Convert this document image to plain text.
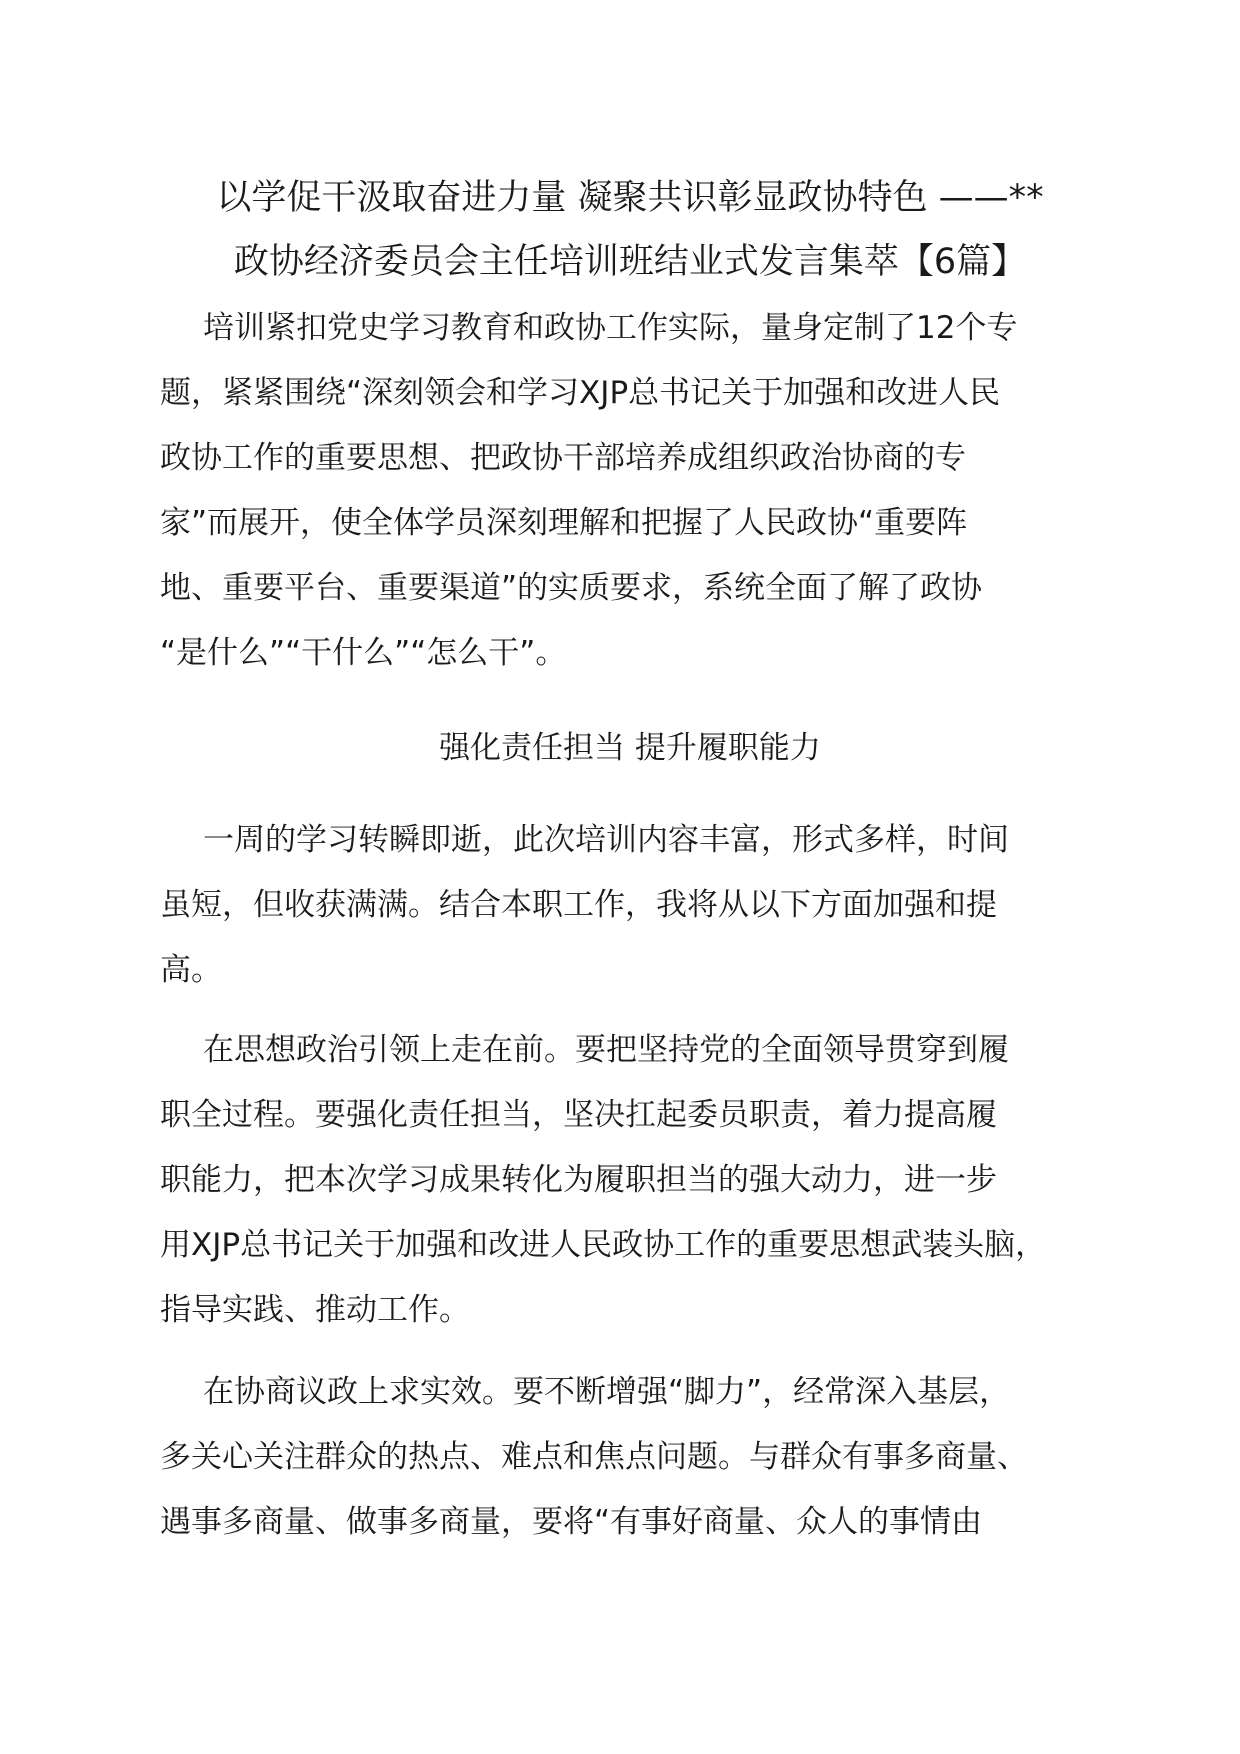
以学促干汲取奋进力量 凝聚共识彰显政协特色 ——**
政协经济委员会主任培训班结业式发言集萃【6篇】
培训紧扣党史学习教育和政协工作实际，量身定制了12个专
题，紧紧围绕“深刻领会和学习XJP总书记关于加强和改进人民
政协工作的重要思想、把政协干部培养成组织政治协商的专
家”而展开，使全体学员深刻理解和把握了人民政协“重要阵
地、重要平台、重要渠道”的实质要求，系统全面了解了政协
“是什么”“干什么”“怎么干”。
强化责任担当 提升履职能力
一周的学习转瞬即逝，此次培训内容丰富，形式多样，时间
虽短，但收获满满。结合本职工作，我将从以下方面加强和提
高。
在思想政治引领上走在前。要把坚持党的全面领导贯穿到履
职全过程。要强化责任担当，坚决扛起委员职责，着力提高履
职能力，把本次学习成果转化为履职担当的强大动力，进一步
用XJP总书记关于加强和改进人民政协工作的重要思想武装头脑，
指导实践、推动工作。
在协商议政上求实效。要不断增强“脚力”，经常深入基层，
多关心关注群众的热点、难点和焦点问题。与群众有事多商量、
遇事多商量、做事多商量，要将“有事好商量、众人的事情由
